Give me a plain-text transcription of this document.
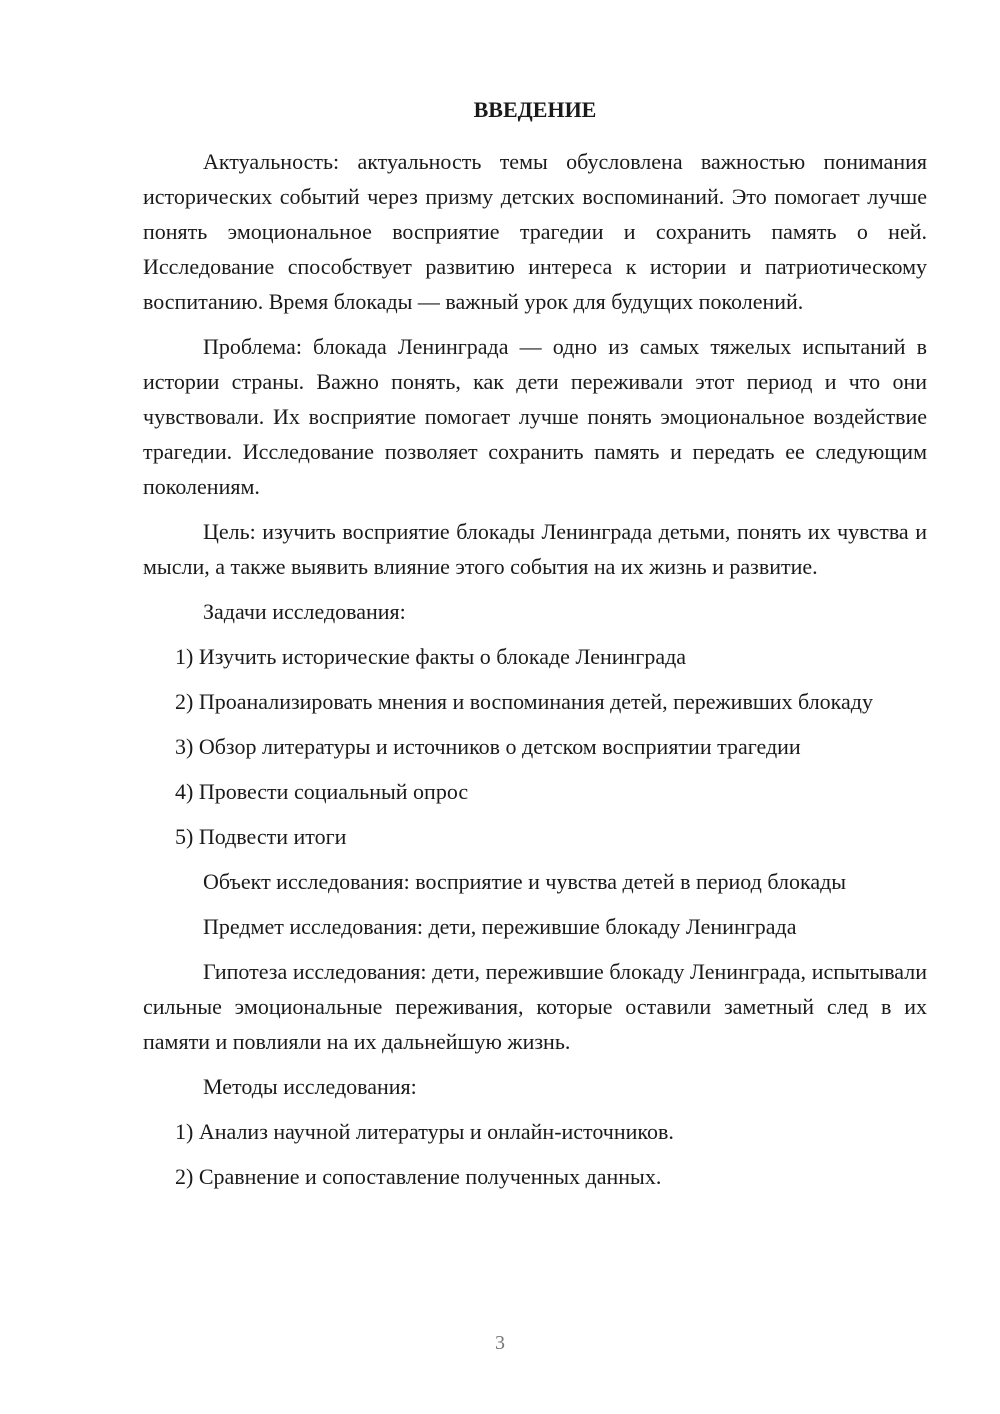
ВВЕДЕНИЕ

Актуальность: актуальность темы обусловлена важностью понимания исторических событий через призму детских воспоминаний. Это помогает лучше понять эмоциональное восприятие трагедии и сохранить память о ней. Исследование способствует развитию интереса к истории и патриотическому воспитанию. Время блокады — важный урок для будущих поколений.

Проблема: блокада Ленинграда — одно из самых тяжелых испытаний в истории страны. Важно понять, как дети переживали этот период и что они чувствовали. Их восприятие помогает лучше понять эмоциональное воздействие трагедии. Исследование позволяет сохранить память и передать ее следующим поколениям.

Цель: изучить восприятие блокады Ленинграда детьми, понять их чувства и мысли, а также выявить влияние этого события на их жизнь и развитие.

Задачи исследования:

1) Изучить исторические факты о блокаде Ленинграда

2) Проанализировать мнения и воспоминания детей, переживших блокаду

3) Обзор литературы и источников о детском восприятии трагедии

4) Провести социальный опрос

5) Подвести итоги

Объект исследования: восприятие и чувства детей в период блокады

Предмет исследования: дети, пережившие блокаду Ленинграда

Гипотеза исследования: дети, пережившие блокаду Ленинграда, испытывали сильные эмоциональные переживания, которые оставили заметный след в их памяти и повлияли на их дальнейшую жизнь.

Методы исследования:

1) Анализ научной литературы и онлайн-источников.

2) Сравнение и сопоставление полученных данных.

3
